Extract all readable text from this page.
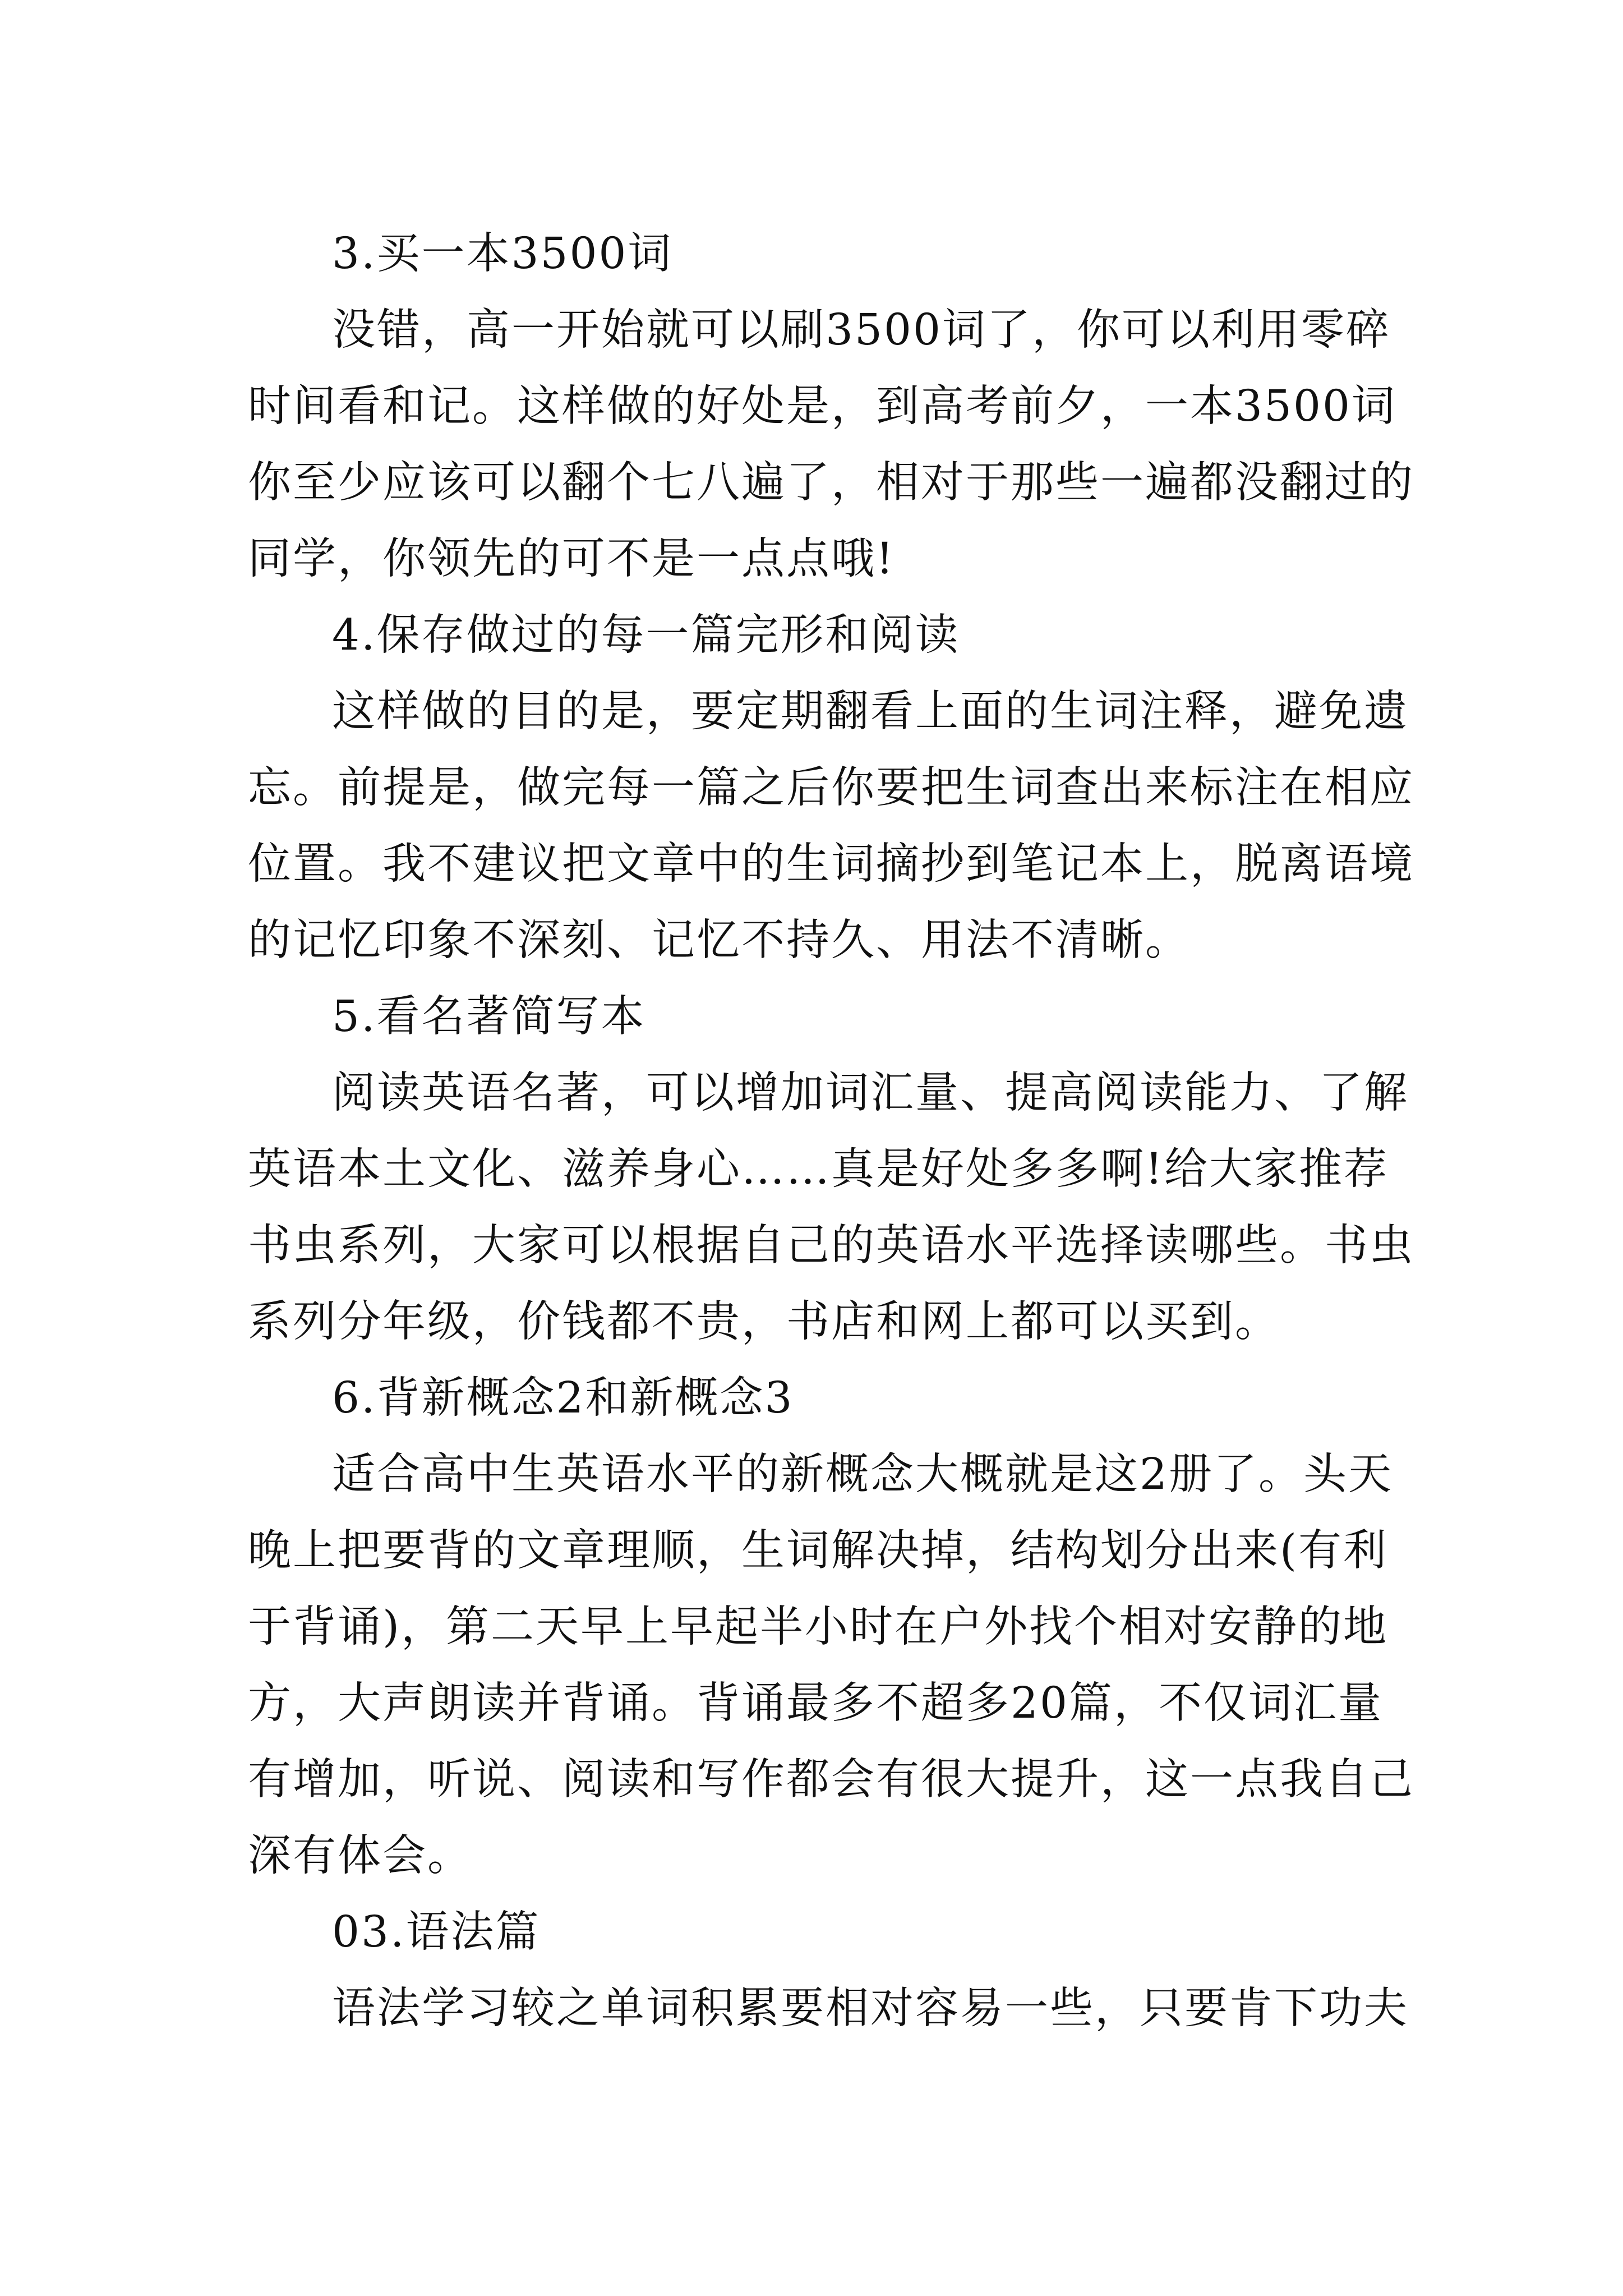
3.买一本3500词
没错，高一开始就可以刷3500词了，你可以利用零碎
时间看和记。这样做的好处是，到高考前夕，一本3500词
你至少应该可以翻个七八遍了，相对于那些一遍都没翻过的
同学，你领先的可不是一点点哦!
4.保存做过的每一篇完形和阅读
这样做的目的是，要定期翻看上面的生词注释，避免遗
忘。前提是，做完每一篇之后你要把生词查出来标注在相应
位置。我不建议把文章中的生词摘抄到笔记本上，脱离语境
的记忆印象不深刻、记忆不持久、用法不清晰。
5.看名著简写本
阅读英语名著，可以增加词汇量、提高阅读能力、了解
英语本土文化、滋养身心……真是好处多多啊!给大家推荐
书虫系列，大家可以根据自己的英语水平选择读哪些。书虫
系列分年级，价钱都不贵，书店和网上都可以买到。
6.背新概念2和新概念3
适合高中生英语水平的新概念大概就是这2册了。头天
晚上把要背的文章理顺，生词解决掉，结构划分出来(有利
于背诵)，第二天早上早起半小时在户外找个相对安静的地
方，大声朗读并背诵。背诵最多不超多20篇，不仅词汇量
有增加，听说、阅读和写作都会有很大提升，这一点我自己
深有体会。
03.语法篇
语法学习较之单词积累要相对容易一些，只要肯下功夫
